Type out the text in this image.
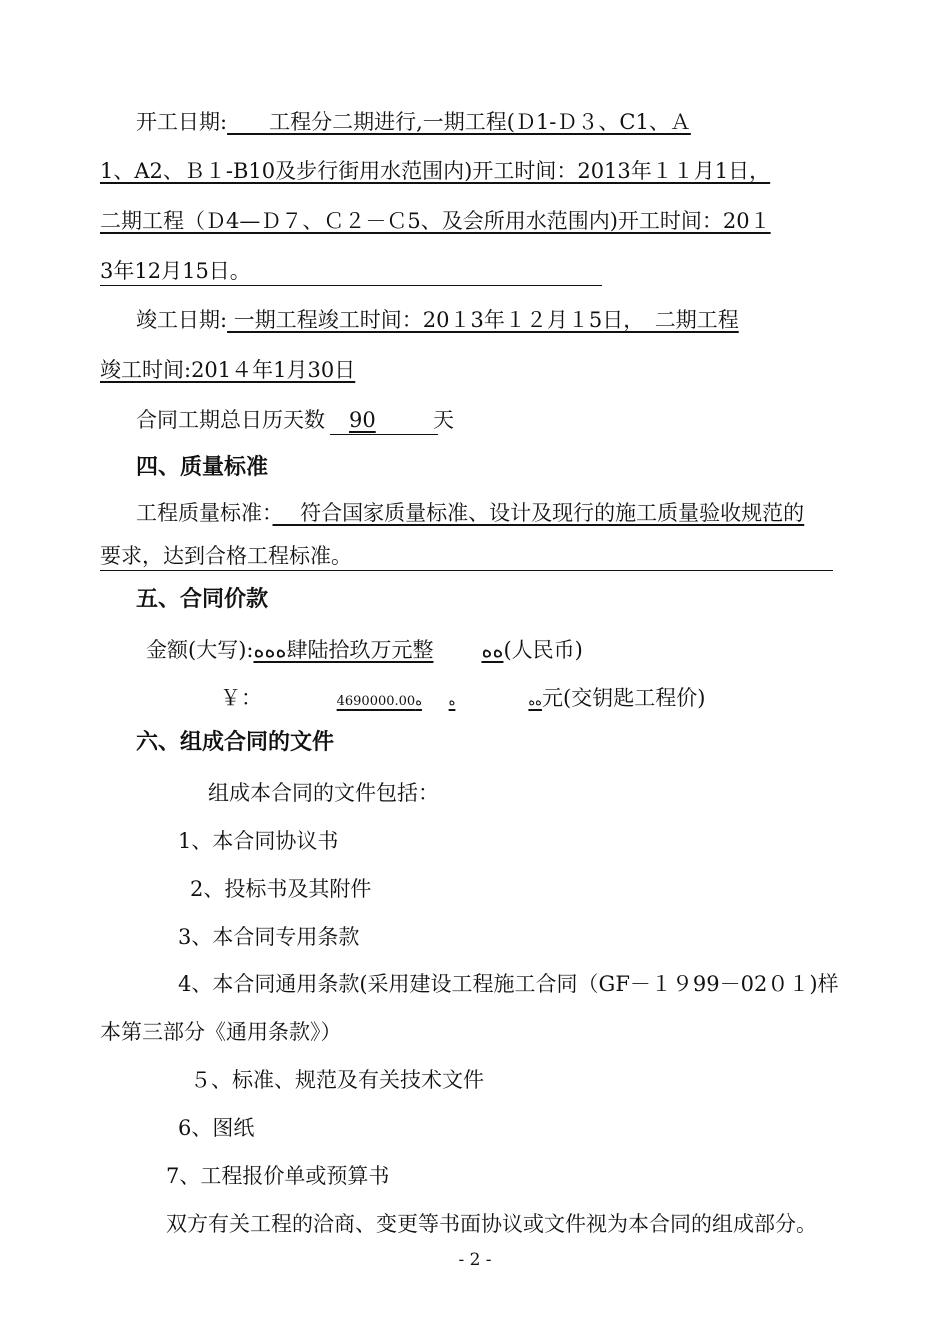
开工日期:　　工程分二期进行,一期工程(Ｄ1-Ｄ３、C1、Ａ
1、A2、Ｂ１-B10及步行街用水范围内)开工时间：2013年１１月1日，
二期工程（Ｄ4—Ｄ７、Ｃ２－Ｃ5、及会所用水范围内)开工时间：20１
3年12月15日。
竣工日期: 一期工程竣工时间：20１3年１２月１5日，　二期工程
竣工时间:201４年1月30日
合同工期总日历天数 90	天
四、质量标准
工程质量标准：　 符合国家质量标准、设计及现行的施工质量验收规范的
要求，达到合格工程标准。
五、合同价款
金额(大写):ﻩﻩﻩ肆陆拾玖万元整 ﻩﻩ(人民币)
￥：	4690000.00ﻩ ﻩ	ﻩﻩ元(交钥匙工程价)
六、组成合同的文件
组成本合同的文件包括：
1、本合同协议书
2、投标书及其附件
3、本合同专用条款
4、本合同通用条款(采用建设工程施工合同（GF－１９99－02０１)样
本第三部分《通用条款》）
５、标准、规范及有关技术文件
6、图纸
7、工程报价单或预算书
双方有关工程的洽商、变更等书面协议或文件视为本合同的组成部分。
- 2 -
